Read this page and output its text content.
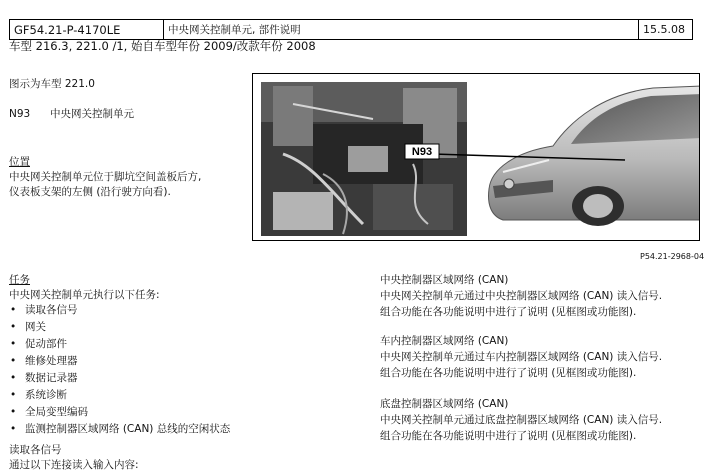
GF54.21-P-4170LE	中央网关控制单元, 部件说明	15.5.08
车型 216.3, 221.0 /1, 始自车型年份 2009/改款年份 2008
图示为车型 221.0
N93 中央网关控制单元
位置
中央网关控制单元位于脚坑空间盖板后方,
仪表板支架的左侧 (沿行驶方向看).
N93
P54.21-2968-04
任务
中央网关控制单元执行以下任务:
• 读取各信号
• 网关
• 促动部件
• 维修处理器
• 数据记录器
• 系统诊断
• 全局变型编码
• 监测控制器区域网络 (CAN) 总线的空闲状态
读取各信号
通过以下连接读入输入内容:
中央控制器区域网络 (CAN)
中央网关控制单元通过中央控制器区域网络 (CAN) 读入信号.
组合功能在各功能说明中进行了说明 (见框图或功能图).
车内控制器区域网络 (CAN)
中央网关控制单元通过车内控制器区域网络 (CAN) 读入信号.
组合功能在各功能说明中进行了说明 (见框图或功能图).
底盘控制器区域网络 (CAN)
中央网关控制单元通过底盘控制器区域网络 (CAN) 读入信号.
组合功能在各功能说明中进行了说明 (见框图或功能图).
